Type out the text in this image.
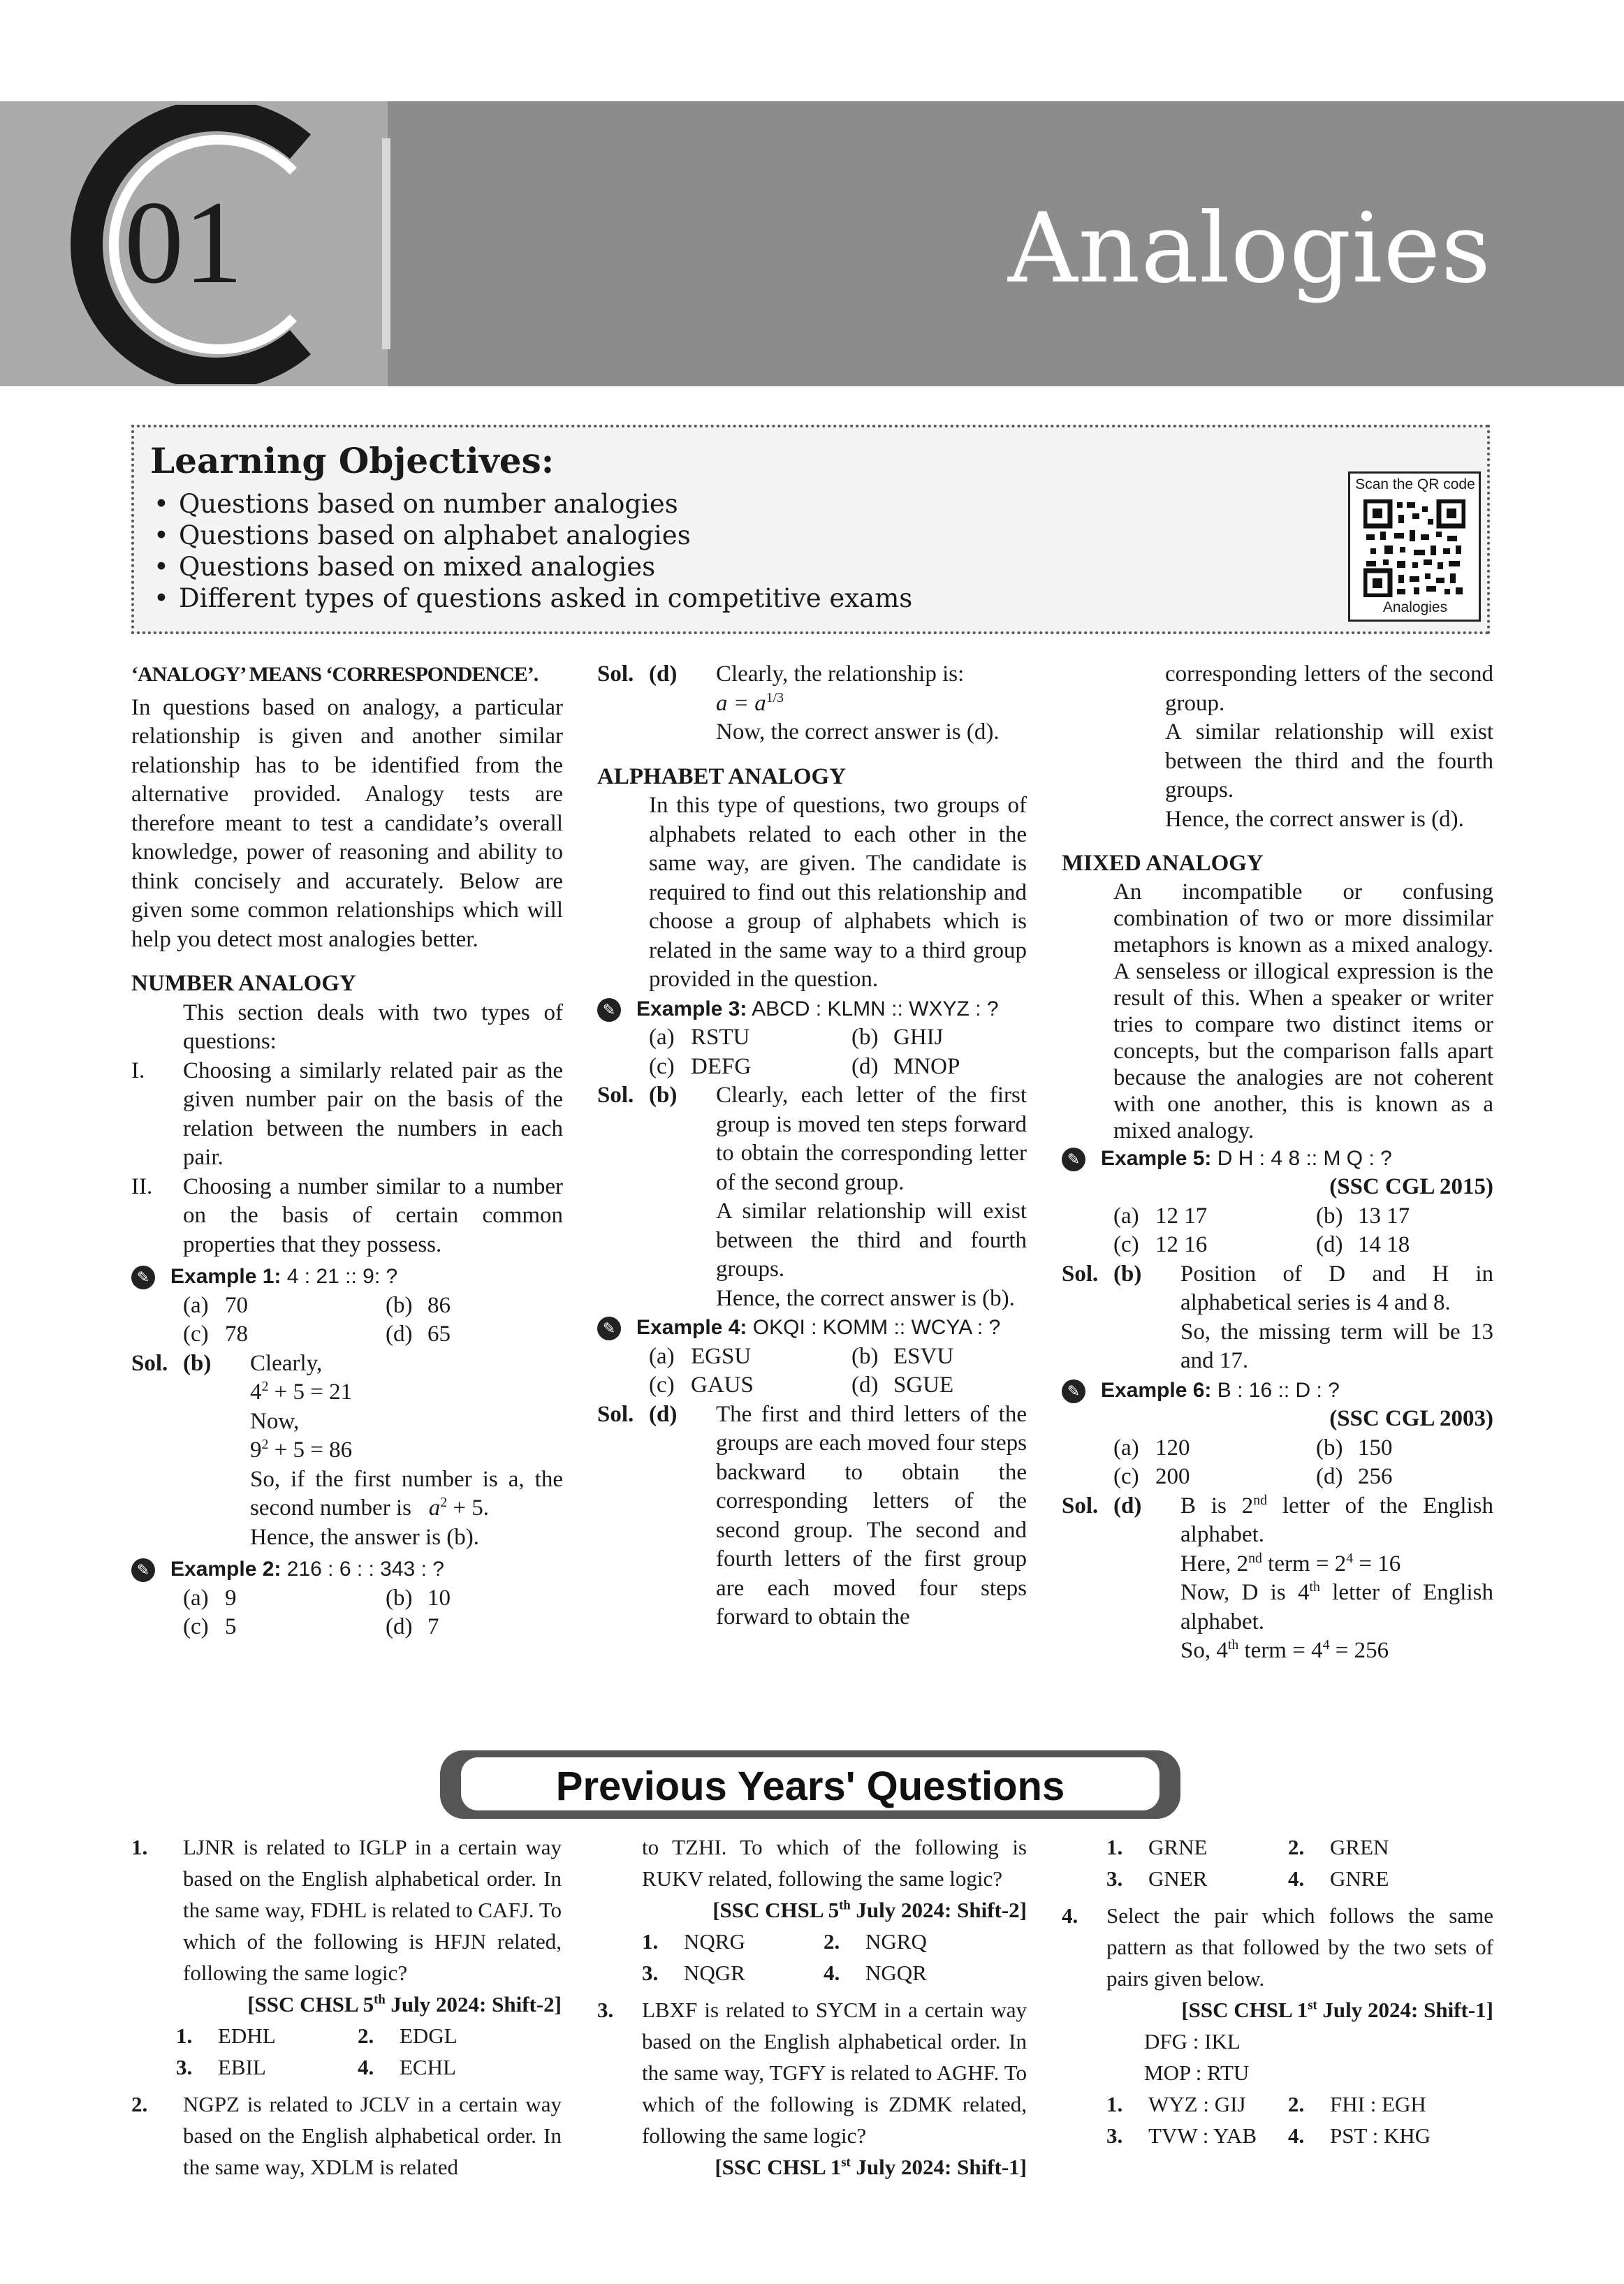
01	Analogies
Learning Objectives:
• Questions based on number analogies
• Questions based on alphabet analogies
• Questions based on mixed analogies
• Different types of questions asked in competitive exams
Scan the QR code
Analogies

‘ANALOGY’ MEANS ‘CORRESPONDENCE’.

In questions based on analogy, a particular relationship is given and another similar relationship has to be identified from the alternative provided. Analogy tests are therefore meant to test a candidate’s overall knowledge, power of reasoning and ability to think concisely and accurately. Below are given some common relationships which will help you detect most analogies better.

NUMBER ANALOGY

This section deals with two types of questions:

I.	Choosing a similarly related pair as the given number pair on the basis of the relation between the numbers in each pair.
II.	Choosing a number similar to a number on the basis of certain common properties that they possess.

✎ Example 1: 4 : 21 :: 9: ?

(a) 70	(b) 86
(c) 78	(d) 65
Sol. (b)	Clearly,
$4^2 + 5 = 21$
Now,
$9^2 + 5 = 86$
So, if the first number is a, the second number is $a^2 + 5$.
Hence, the answer is (b).

✎ Example 2: 216 : 6 : : 343 : ?

(a) 9	(b) 10
(c) 5	(d) 7
Sol. (d)	Clearly, the relationship is:
$a = a^{1/3}$
Now, the correct answer is (d).

ALPHABET ANALOGY

In this type of questions, two groups of alphabets related to each other in the same way, are given. The candidate is required to find out this relationship and choose a group of alphabets which is related in the same way to a third group provided in the question.

✎ Example 3: ABCD : KLMN :: WXYZ : ?

(a) RSTU	(b) GHIJ
(c) DEFG	(d) MNOP
Sol. (b)	Clearly, each letter of the first group is moved ten steps forward to obtain the corresponding letter of the second group.
A similar relationship will exist between the third and fourth groups.
Hence, the correct answer is (b).

✎ Example 4: OKQI : KOMM :: WCYA : ?

(a) EGSU	(b) ESVU
(c) GAUS	(d) SGUE
Sol. (d)	The first and third letters of the groups are each moved four steps backward to obtain the corresponding letters of the second group. The second and fourth letters of the first group are each moved four steps forward to obtain the

corresponding letters of the second group.

A similar relationship will exist between the third and the fourth groups.

Hence, the correct answer is (d).

MIXED ANALOGY

An incompatible or confusing combination of two or more dissimilar metaphors is known as a mixed analogy. A senseless or illogical expression is the result of this. When a speaker or writer tries to compare two distinct items or concepts, but the comparison falls apart because the analogies are not coherent with one another, this is known as a mixed analogy.

✎ Example 5: D H : 4 8 :: M Q : ?

(SSC CGL 2015)

(a) 12 17	(b) 13 17
(c) 12 16	(d) 14 18
Sol. (b)	Position of D and H in alphabetical series is 4 and 8.
So, the missing term will be 13 and 17.

✎ Example 6: B : 16 :: D : ?

(SSC CGL 2003)

(a) 120	(b) 150
(c) 200	(d) 256
Sol. (d)	B is 2nd letter of the English alphabet.
Here, 2nd term = $2^4 = 16$
Now, D is 4th letter of English alphabet.
So, 4th term = $4^4 = 256$
Previous Years' Questions
1.	LJNR is related to IGLP in a certain way based on the English alphabetical order. In the same way, FDHL is related to CAFJ. To which of the following is HFJN related, following the same logic?
[SSC CHSL 5th July 2024: Shift-2]
1.	EDHL	2.	EDGL
3.	EBIL	4.	ECHL
2.	NGPZ is related to JCLV in a certain way based on the English alphabetical order. In the same way, XDLM is related
to TZHI. To which of the following is RUKV related, following the same logic?
[SSC CHSL 5th July 2024: Shift-2]
1.	NQRG	2.	NGRQ
3.	NQGR	4.	NGQR
3.	LBXF is related to SYCM in a certain way based on the English alphabetical order. In the same way, TGFY is related to AGHF. To which of the following is ZDMK related, following the same logic?
[SSC CHSL 1st July 2024: Shift-1]
1.	GRNE	2.	GREN
3.	GNER	4.	GNRE
4.	Select the pair which follows the same pattern as that followed by the two sets of pairs given below.
[SSC CHSL 1st July 2024: Shift-1]
DFG : IKL
MOP : RTU
1.	WYZ : GIJ	2.	FHI : EGH
3.	TVW : YAB	4.	PST : KHG
